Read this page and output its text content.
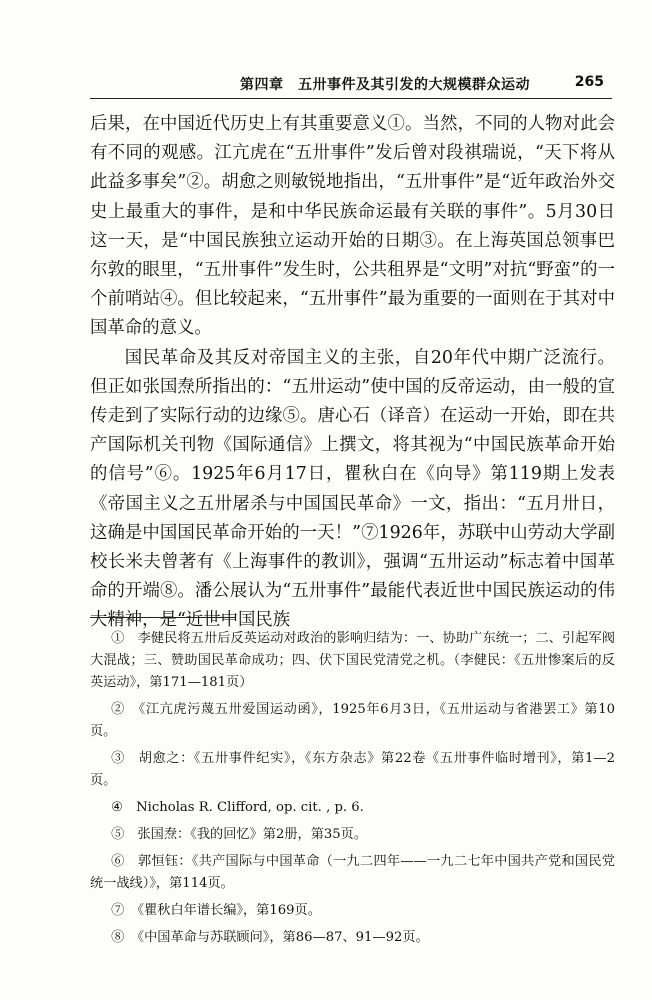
第四章　五卅事件及其引发的大规模群众运动	265

后果，在中国近代历史上有其重要意义①。当然，不同的人物对此会有不同的观感。江亢虎在“五卅事件”发后曾对段祺瑞说，“天下将从此益多事矣”②。胡愈之则敏锐地指出，“五卅事件”是“近年政治外交史上最重大的事件，是和中华民族命运最有关联的事件”。5月30日这一天，是“中国民族独立运动开始的日期③。在上海英国总领事巴尔敦的眼里，“五卅事件”发生时，公共租界是“文明”对抗“野蛮”的一个前哨站④。但比较起来，“五卅事件”最为重要的一面则在于其对中国革命的意义。

国民革命及其反对帝国主义的主张，自20年代中期广泛流行。但正如张国焘所指出的：“五卅运动”使中国的反帝运动，由一般的宣传走到了实际行动的边缘⑤。唐心石（译音）在运动一开始，即在共产国际机关刊物《国际通信》上撰文，将其视为“中国民族革命开始的信号”⑥。1925年6月17日，瞿秋白在《向导》第119期上发表《帝国主义之五卅屠杀与中国国民革命》一文，指出：“五月卅日，这确是中国国民革命开始的一天！”⑦1926年，苏联中山劳动大学副校长米夫曾著有《上海事件的教训》，强调“五卅运动”标志着中国革命的开端⑧。潘公展认为“五卅事件”最能代表近世中国民族运动的伟大精神，是“近世中国民族

①　李健民将五卅后反英运动对政治的影响归结为：一、协助广东统一；二、引起军阀大混战；三、赞助国民革命成功；四、伏下国民党清党之机。（李健民：《五卅惨案后的反英运动》，第171—181页）

②　《江亢虎污蔑五卅爱国运动函》，1925年6月3日，《五卅运动与省港罢工》第10页。

③　胡愈之：《五卅事件纪实》，《东方杂志》第22卷《五卅事件临时增刊》，第1—2页。

④　Nicholas R. Clifford, op. cit. , p. 6.

⑤　张国焘：《我的回忆》第2册，第35页。

⑥　郭恒钰：《共产国际与中国革命（一九二四年——一九二七年中国共产党和国民党统一战线）》，第114页。

⑦　《瞿秋白年谱长编》，第169页。

⑧　《中国革命与苏联顾问》，第86—87、91—92页。
